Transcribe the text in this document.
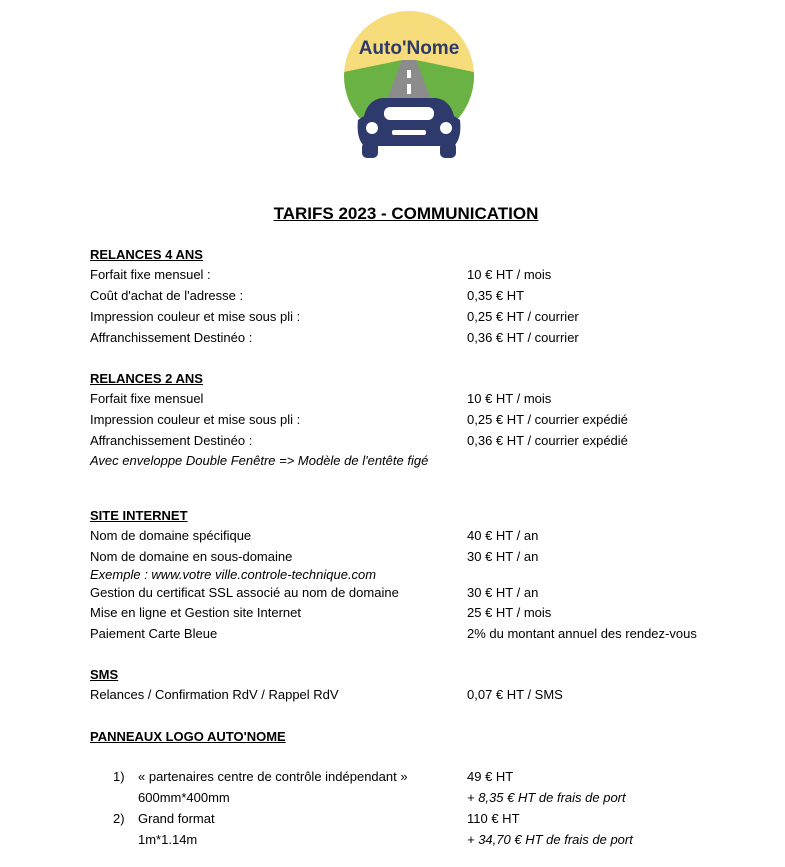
Auto'Nome
TARIFS 2023 - COMMUNICATION
RELANCES 4 ANS
Forfait fixe mensuel :	10 € HT / mois
Coût d'achat de l'adresse :	0,35 € HT
Impression couleur et mise sous pli :	0,25 € HT / courrier
Affranchissement Destinéo :	0,36 € HT / courrier
RELANCES 2 ANS
Forfait fixe mensuel	10 € HT / mois
Impression couleur et mise sous pli :	0,25 € HT / courrier expédié
Affranchissement Destinéo :	0,36 € HT / courrier expédié
Avec enveloppe Double Fenêtre => Modèle de l'entête figé
SITE INTERNET
Nom de domaine spécifique	40 € HT / an
Nom de domaine en sous-domaine	30 € HT / an
Exemple : www.votre ville.controle-technique.com
Gestion du certificat SSL associé au nom de domaine	30 € HT / an
Mise en ligne et Gestion site Internet	25 € HT / mois
Paiement Carte Bleue	2% du montant annuel des rendez-vous
SMS
Relances / Confirmation RdV / Rappel RdV	0,07 € HT / SMS
PANNEAUX LOGO AUTO'NOME
1) « partenaires centre de contrôle indépendant »	49 € HT
600mm*400mm	+ 8,35 € HT de frais de port
2) Grand format	110 € HT
1m*1.14m	+ 34,70 € HT de frais de port
